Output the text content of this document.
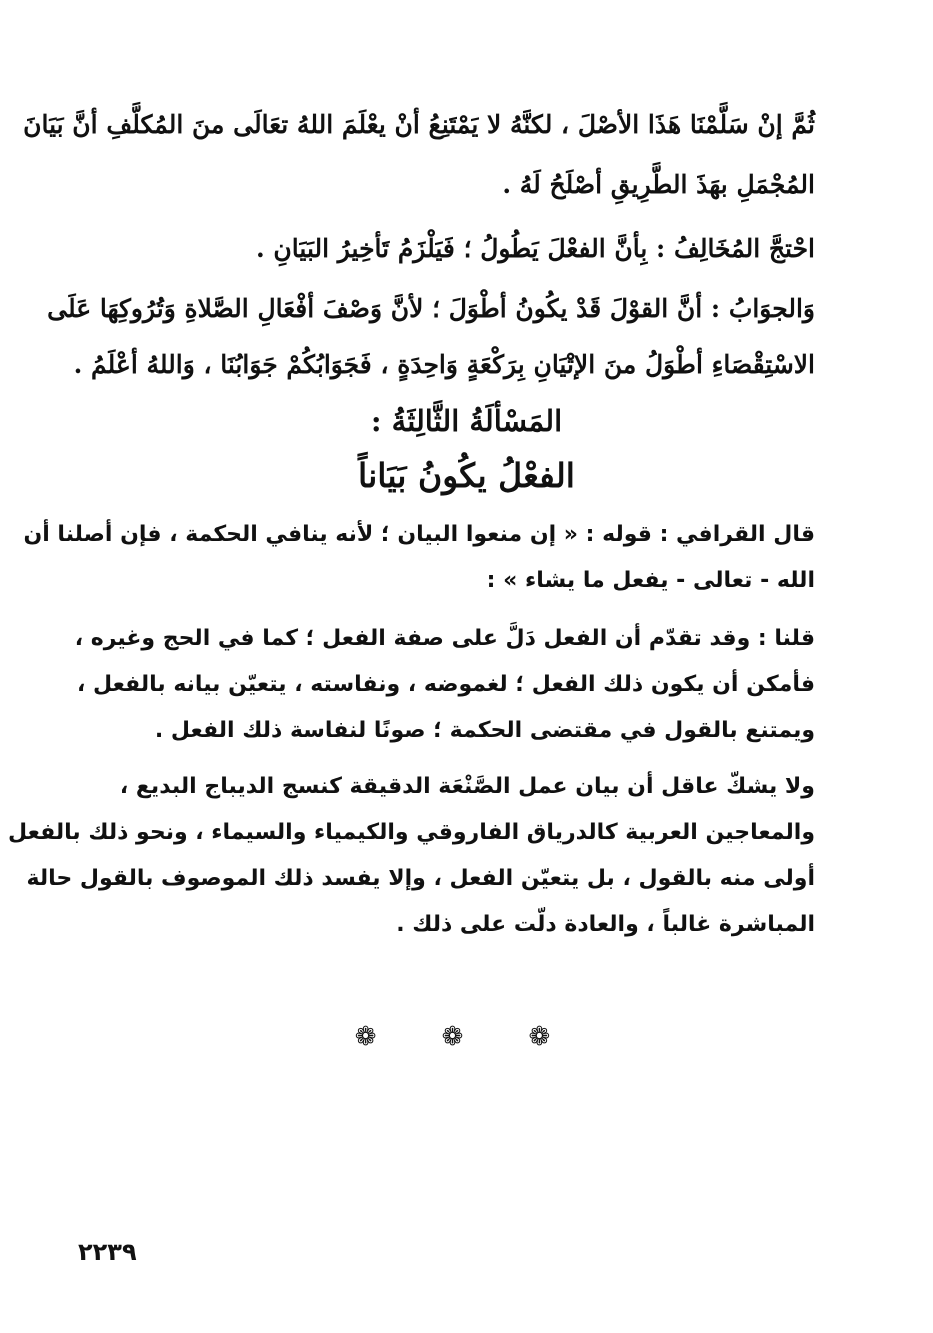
ثُمَّ إنْ سَلَّمْنَا هَذَا الأصْلَ ، لكنَّهُ لا يَمْتَنِعُ أنْ يعْلَمَ اللهُ تعَالَى منَ المُكلَّفِ أنَّ بَيَانَ
المُجْمَلِ بهَذَ الطَّرِيقِ أصْلَحُ لَهُ .
احْتجَّ المُخَالِفُ : بِأنَّ الفعْلَ يَطُولُ ؛ فَيَلْزَمُ تَأخِيرُ البَيَانِ .
وَالجوَابُ : أنَّ القوْلَ قَدْ يكُونُ أطْوَلَ ؛ لأنَّ وَصْفَ أفْعَالِ الصَّلاةِ وَتُرُوكِهَا عَلَى
الاسْتِقْصَاءِ أطْوَلُ منَ الإتْيَانِ بِرَكْعَةٍ وَاحِدَةٍ ، فَجَوَابُكُمْ جَوَابُنَا ، وَاللهُ أعْلَمُ .
المَسْألَةُ الثَّالِثَةُ :
الفعْلُ يكُونُ بَيَاناً
قال القرافي : قوله : « إن منعوا البيان ؛ لأنه ينافي الحكمة ، فإن أصلنا أن
الله - تعالى - يفعل ما يشاء » :
قلنا : وقد تقدّم أن الفعل دَلَّ على صفة الفعل ؛ كما في الحج وغيره ،
فأمكن أن يكون ذلك الفعل ؛ لغموضه ، ونفاسته ، يتعيّن بيانه بالفعل ،
ويمتنع بالقول في مقتضى الحكمة ؛ صونًا لنفاسة ذلك الفعل .
ولا يشكّ عاقل أن بيان عمل الصَّنْعَة الدقيقة كنسج الديباج البديع ،
والمعاجين العربية كالدرياق الفاروقي والكيمياء والسيماء ، ونحو ذلك بالفعل
أولى منه بالقول ، بل يتعيّن الفعل ، وإلا يفسد ذلك الموصوف بالقول حالة
المباشرة غالباً ، والعادة دلّت على ذلك .
❁ ❁ ❁
٢٢٣٩
